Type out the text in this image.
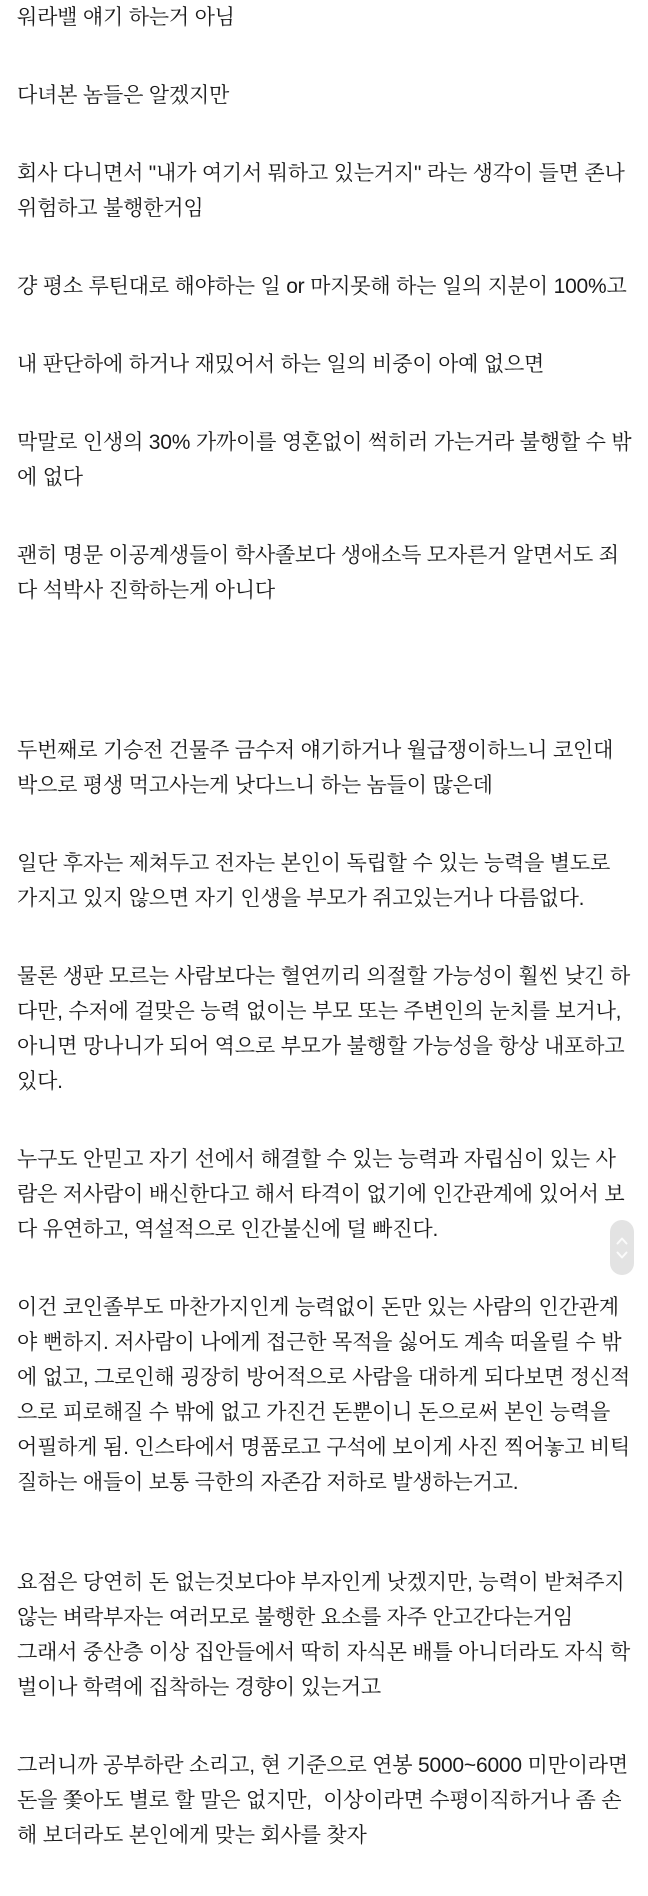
워라밸 얘기 하는거 아님

다녀본 놈들은 알겠지만

회사 다니면서 "내가 여기서 뭐하고 있는거지" 라는 생각이 들면 존나 위험하고 불행한거임

걍 평소 루틴대로 해야하는 일 or 마지못해 하는 일의 지분이 100%고

내 판단하에 하거나 재밌어서 하는 일의 비중이 아예 없으면

막말로 인생의 30% 가까이를 영혼없이 썩히러 가는거라 불행할 수 밖에 없다

괜히 명문 이공계생들이 학사졸보다 생애소득 모자른거 알면서도 죄다 석박사 진학하는게 아니다

두번째로 기승전 건물주 금수저 얘기하거나 월급쟁이하느니 코인대박으로 평생 먹고사는게 낫다느니 하는 놈들이 많은데

일단 후자는 제쳐두고 전자는 본인이 독립할 수 있는 능력을 별도로 가지고 있지 않으면 자기 인생을 부모가 쥐고있는거나 다름없다.

물론 생판 모르는 사람보다는 혈연끼리 의절할 가능성이 훨씬 낮긴 하다만, 수저에 걸맞은 능력 없이는 부모 또는 주변인의 눈치를 보거나, 아니면 망나니가 되어 역으로 부모가 불행할 가능성을 항상 내포하고 있다.

누구도 안믿고 자기 선에서 해결할 수 있는 능력과 자립심이 있는 사람은 저사람이 배신한다고 해서 타격이 없기에 인간관계에 있어서 보다 유연하고, 역설적으로 인간불신에 덜 빠진다.

이건 코인졸부도 마찬가지인게 능력없이 돈만 있는 사람의 인간관계야 뻔하지. 저사람이 나에게 접근한 목적을 싫어도 계속 떠올릴 수 밖에 없고, 그로인해 굉장히 방어적으로 사람을 대하게 되다보면 정신적으로 피로해질 수 밖에 없고 가진건 돈뿐이니 돈으로써 본인 능력을 어필하게 됨. 인스타에서 명품로고 구석에 보이게 사진 찍어놓고 비틱질하는 애들이 보통 극한의 자존감 저하로 발생하는거고.

요점은 당연히 돈 없는것보다야 부자인게 낫겠지만, 능력이 받쳐주지 않는 벼락부자는 여러모로 불행한 요소를 자주 안고간다는거임

그래서 중산층 이상 집안들에서 딱히 자식몬 배틀 아니더라도 자식 학벌이나 학력에 집착하는 경향이 있는거고

그러니까 공부하란 소리고, 현 기준으로 연봉 5000~6000 미만이라면 돈을 쫓아도 별로 할 말은 없지만,  이상이라면 수평이직하거나 좀 손해 보더라도 본인에게 맞는 회사를 찾자
